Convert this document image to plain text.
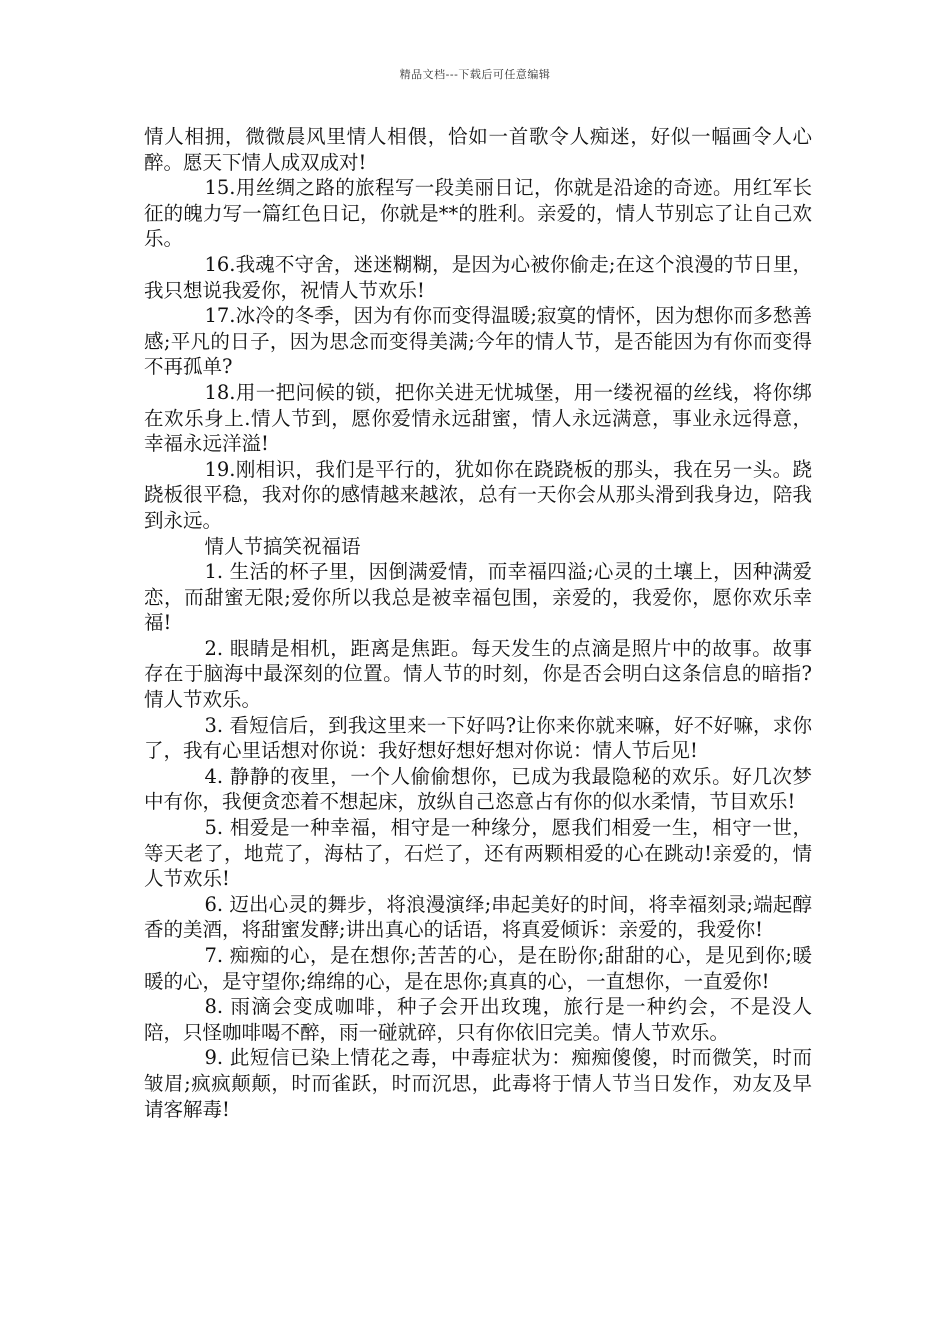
精品文档---下载后可任意编辑

情人相拥，微微晨风里情人相偎，恰如一首歌令人痴迷，好似一幅画令人心醉。愿天下情人成双成对!

15.用丝绸之路的旅程写一段美丽日记，你就是沿途的奇迹。用红军长征的魄力写一篇红色日记，你就是**的胜利。亲爱的，情人节别忘了让自己欢乐。

16.我魂不守舍，迷迷糊糊，是因为心被你偷走;在这个浪漫的节日里，我只想说我爱你，祝情人节欢乐!

17.冰冷的冬季，因为有你而变得温暖;寂寞的情怀，因为想你而多愁善感;平凡的日子，因为思念而变得美满;今年的情人节，是否能因为有你而变得不再孤单?

18.用一把问候的锁，把你关进无忧城堡，用一缕祝福的丝线，将你绑在欢乐身上.情人节到，愿你爱情永远甜蜜，情人永远满意，事业永远得意，幸福永远洋溢!

19.刚相识，我们是平行的，犹如你在跷跷板的那头，我在另一头。跷跷板很平稳，我对你的感情越来越浓，总有一天你会从那头滑到我身边，陪我到永远。

情人节搞笑祝福语

1. 生活的杯子里，因倒满爱情，而幸福四溢;心灵的土壤上，因种满爱恋，而甜蜜无限;爱你所以我总是被幸福包围，亲爱的，我爱你，愿你欢乐幸福!

2. 眼睛是相机，距离是焦距。每天发生的点滴是照片中的故事。故事存在于脑海中最深刻的位置。情人节的时刻，你是否会明白这条信息的暗指?情人节欢乐。

3. 看短信后，到我这里来一下好吗?让你来你就来嘛，好不好嘛，求你了，我有心里话想对你说：我好想好想好想对你说：情人节后见!

4. 静静的夜里，一个人偷偷想你，已成为我最隐秘的欢乐。好几次梦中有你，我便贪恋着不想起床，放纵自己恣意占有你的似水柔情，节目欢乐!

5. 相爱是一种幸福，相守是一种缘分，愿我们相爱一生，相守一世，等天老了，地荒了，海枯了，石烂了，还有两颗相爱的心在跳动!亲爱的，情人节欢乐!

6. 迈出心灵的舞步，将浪漫演绎;串起美好的时间，将幸福刻录;端起醇香的美酒，将甜蜜发酵;讲出真心的话语，将真爱倾诉：亲爱的，我爱你!

7. 痴痴的心，是在想你;苦苦的心，是在盼你;甜甜的心，是见到你;暖暖的心，是守望你;绵绵的心，是在思你;真真的心，一直想你，一直爱你!

8. 雨滴会变成咖啡，种子会开出玫瑰，旅行是一种约会，不是没人陪，只怪咖啡喝不醉，雨一碰就碎，只有你依旧完美。情人节欢乐。

9. 此短信已染上情花之毒，中毒症状为：痴痴傻傻，时而微笑，时而皱眉;疯疯颠颠，时而雀跃，时而沉思，此毒将于情人节当日发作，劝友及早请客解毒!
